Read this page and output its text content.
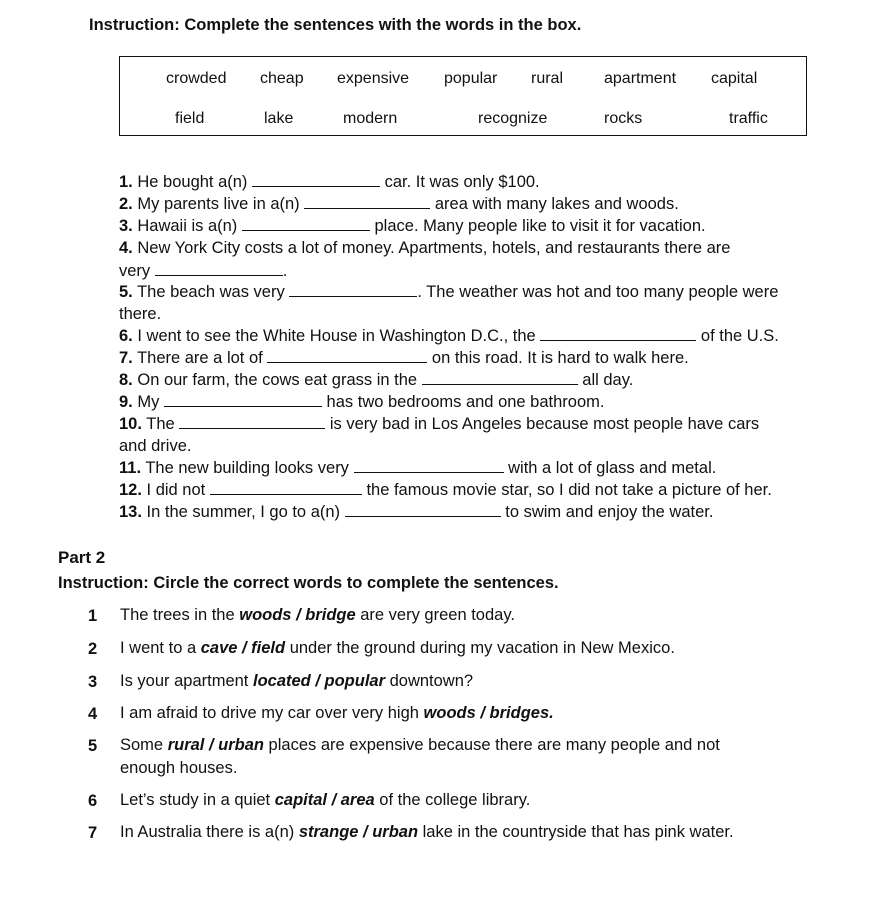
Instruction: Complete the sentences with the words in the box.
crowded cheap expensive popular rural	apartment capital
field	lake	modern	recognize	rocks	traffic
1. He bought a(n)	car. It was only $100.
2. My parents live in a(n)	area with many lakes and woods.
3. Hawaii is a(n)	place. Many people like to visit it for vacation.
4. New York City costs a lot of money. Apartments, hotels, and restaurants there are
very	.
5. The beach was very	. The weather was hot and too many people were
there.
6. I went to see the White House in Washington D.C., the	of the U.S.
7. There are a lot of	on this road. It is hard to walk here.
8. On our farm, the cows eat grass in the	all day.
9. My	has two bedrooms and one bathroom.
10. The	is very bad in Los Angeles because most people have cars
and drive.
11. The new building looks very	with a lot of glass and metal.
12. I did not	the famous movie star, so I did not take a picture of her.
13. In the summer, I go to a(n)	to swim and enjoy the water.
Part 2
Instruction: Circle the correct words to complete the sentences.
1 The trees in the woods / bridge are very green today.
2 I went to a cave / field under the ground during my vacation in New Mexico.
3 Is your apartment located / popular downtown?
4 I am afraid to drive my car over very high woods / bridges.
5 Some rural / urban places are expensive because there are many people and not
enough houses.
6 Let’s study in a quiet capital / area of the college library.
7 In Australia there is a(n) strange / urban lake in the countryside that has pink water.
